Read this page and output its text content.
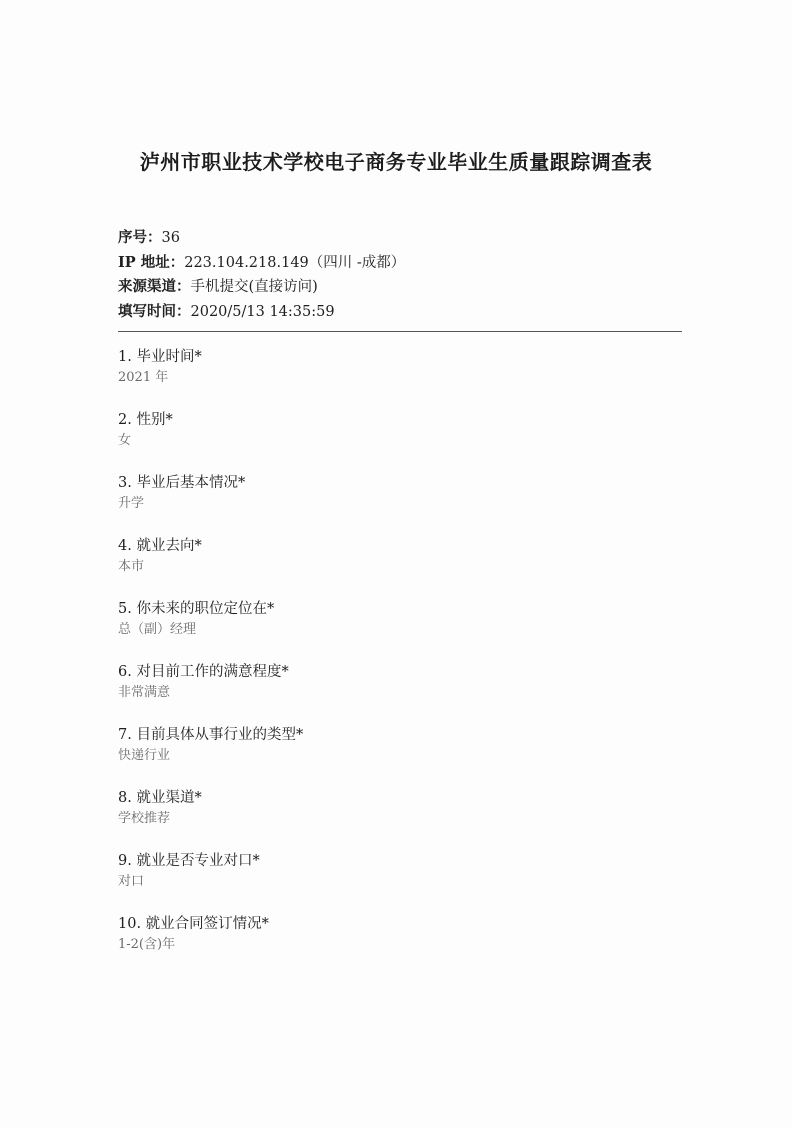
泸州市职业技术学校电子商务专业毕业生质量跟踪调查表
序号：36
IP 地址：223.104.218.149（四川 -成都）
来源渠道：手机提交(直接访问)
填写时间：2020/5/13 14:35:59
1. 毕业时间*
2021 年
2. 性别*
女
3. 毕业后基本情况*
升学
4. 就业去向*
本市
5. 你未来的职位定位在*
总（副）经理
6. 对目前工作的满意程度*
非常满意
7. 目前具体从事行业的类型*
快递行业
8. 就业渠道*
学校推荐
9. 就业是否专业对口*
对口
10. 就业合同签订情况*
1-2(含)年
